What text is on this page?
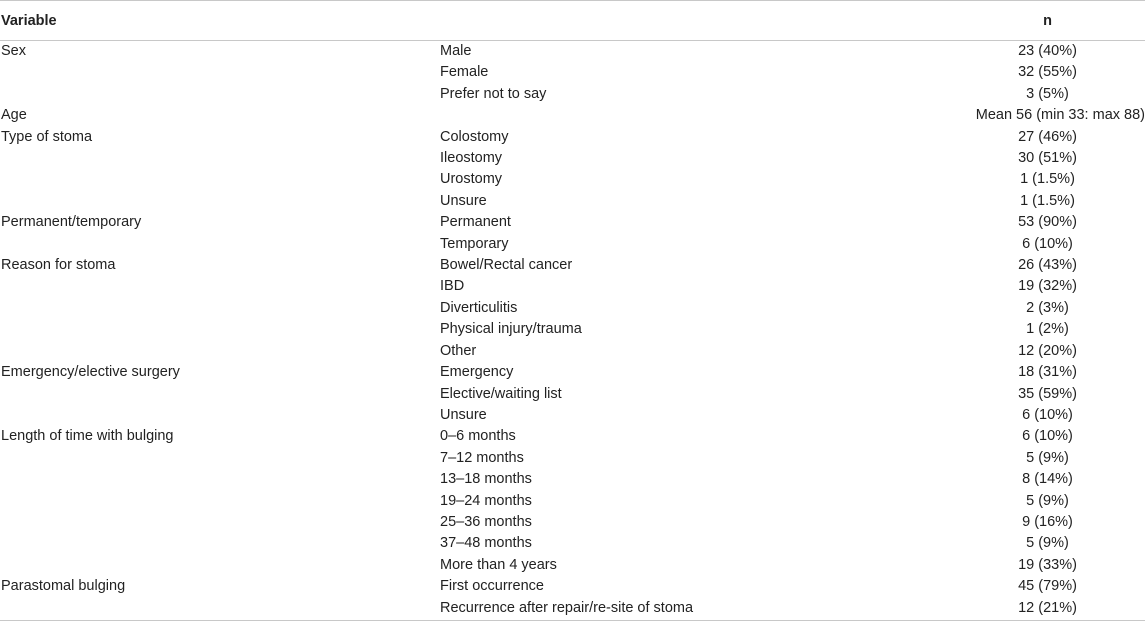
Variable		n
Sex	Male	23 (40%)
	Female	32 (55%)
	Prefer not to say	3 (5%)
Age		Mean 56 (min 33: max 88)
Type of stoma	Colostomy	27 (46%)
	Ileostomy	30 (51%)
	Urostomy	1 (1.5%)
	Unsure	1 (1.5%)
Permanent/temporary	Permanent	53 (90%)
	Temporary	6 (10%)
Reason for stoma	Bowel/Rectal cancer	26 (43%)
	IBD	19 (32%)
	Diverticulitis	2 (3%)
	Physical injury/trauma	1 (2%)
	Other	12 (20%)
Emergency/elective surgery	Emergency	18 (31%)
	Elective/waiting list	35 (59%)
	Unsure	6 (10%)
Length of time with bulging	0–6 months	6 (10%)
	7–12 months	5 (9%)
	13–18 months	8 (14%)
	19–24 months	5 (9%)
	25–36 months	9 (16%)
	37–48 months	5 (9%)
	More than 4 years	19 (33%)
Parastomal bulging	First occurrence	45 (79%)
	Recurrence after repair/re-site of stoma	12 (21%)
